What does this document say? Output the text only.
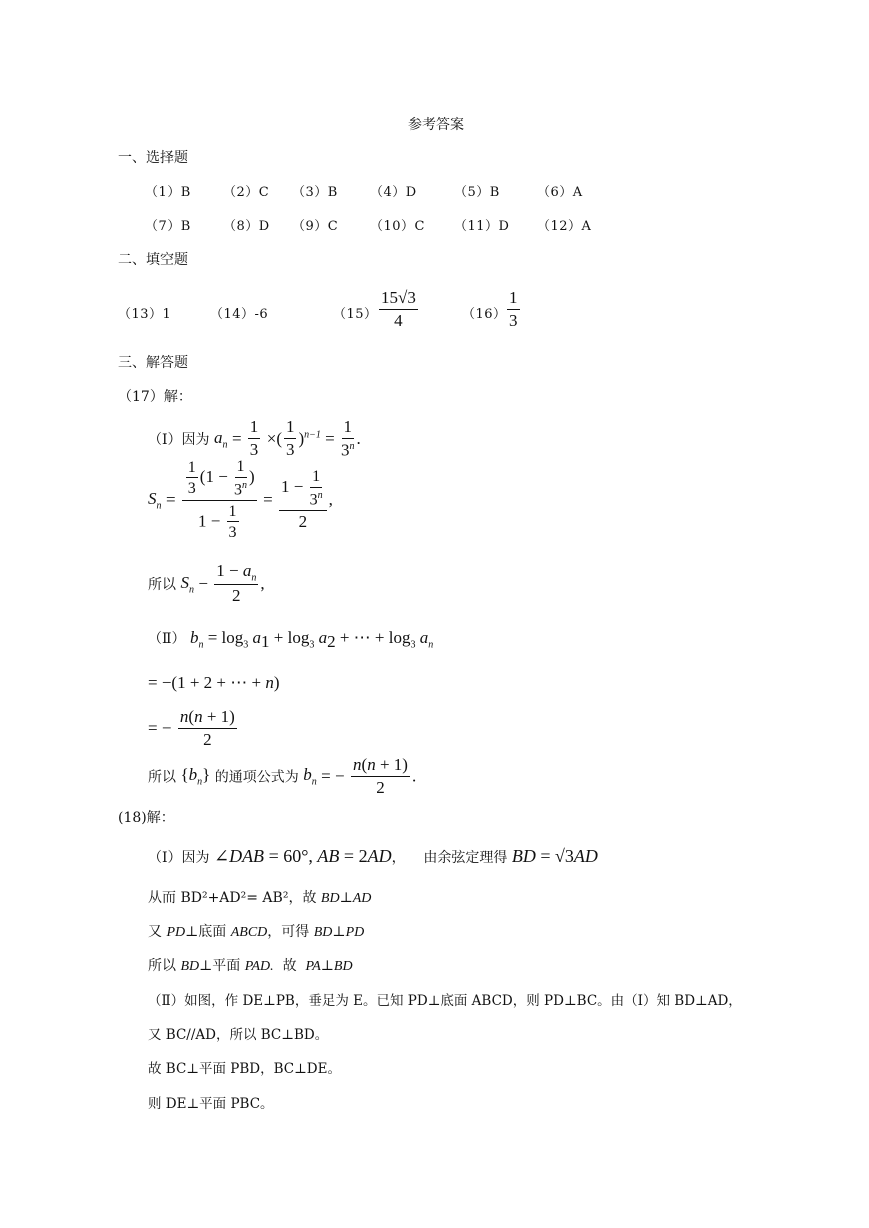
参考答案
一、选择题
（1）B （2）C （3）B （4）D	（5）B	（6）A
（7）B （8）D （9）C （10）C （11）D （12）A
二、填空题
（13）1	（14）-6	$(15) \frac{15√3}{4}$	$(16) \frac{1}{3}$
三、解答题
（17）解：
（Ⅰ）因为 $a_n = \frac{1}{3}$ ×( $\frac{1}{3} )^{n-1} = \frac{1}{3^n}$ .
$S_n = \frac{\frac{1}{3} (1 - \frac{1}{3^n} )}{1 - \frac{1}{3}} = \frac{1 - \frac{1}{3^n}}{2}$ ,
所以 $S_n - \frac{1 - a_n}{2}$ ,
（Ⅱ） $b_n = \log_3 a_1 + \log_3 a_2$ + ⋯ + $\log_3 a_n$
= −(1 + 2 + ⋯ + n)
= − $\frac{n(n + 1)}{2}$
所以 $\{b_n\}$ 的通项公式为 $b_n$ = − $\frac{n(n + 1)}{2}$ .
(18)解：
（Ⅰ）因为 ∠DAB = 60°, AB = 2AD，    由余弦定理得 BD = √3AD
从而 BD²+AD²= AB²，故 BD⊥AD
又 PD⊥底面 ABCD，可得 BD⊥PD
所以 BD⊥平面 PAD. 故 PA⊥BD
（Ⅱ）如图，作 DE⊥PB，垂足为 E。已知 PD⊥底面 ABCD，则 PD⊥BC。由（Ⅰ）知 BD⊥AD，
又 BC//AD，所以 BC⊥BD。
故 BC⊥平面 PBD，BC⊥DE。
则 DE⊥平面 PBC。
